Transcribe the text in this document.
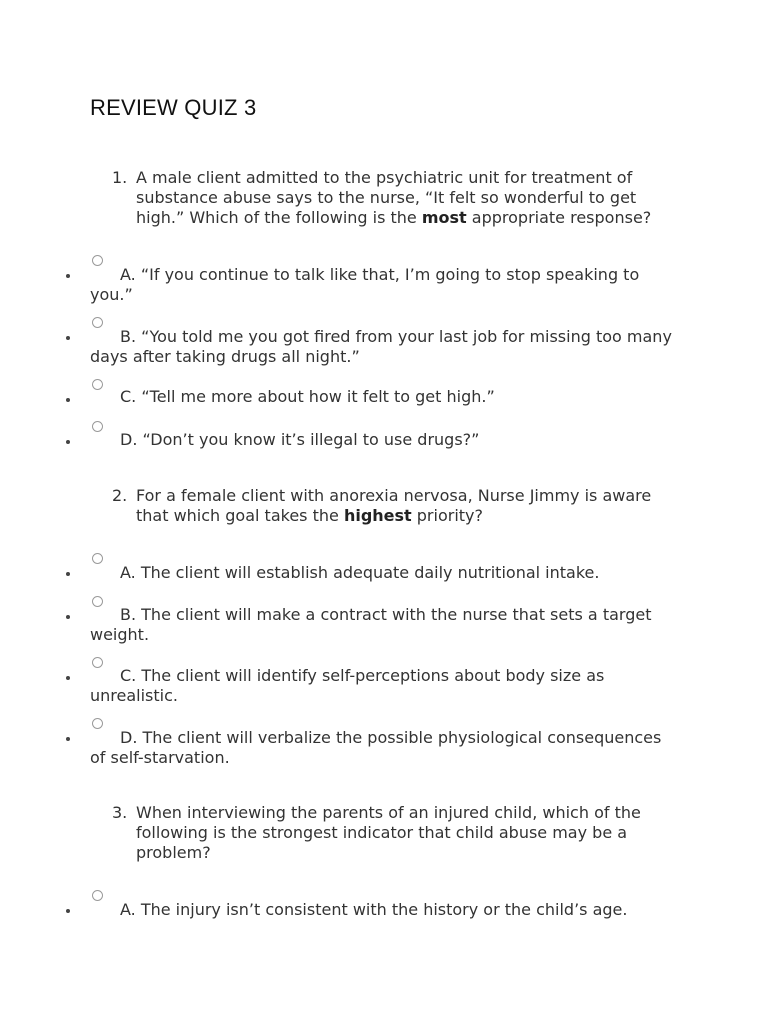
REVIEW QUIZ 3
1. A male client admitted to the psychiatric unit for treatment of substance abuse says to the nurse, “It felt so wonderful to get high.” Which of the following is the most appropriate response?
A. “If you continue to talk like that, I’m going to stop speaking to you.”
B. “You told me you got fired from your last job for missing too many days after taking drugs all night.”
C. “Tell me more about how it felt to get high.”
D. “Don’t you know it’s illegal to use drugs?”
2. For a female client with anorexia nervosa, Nurse Jimmy is aware that which goal takes the highest priority?
A. The client will establish adequate daily nutritional intake.
B. The client will make a contract with the nurse that sets a target weight.
C. The client will identify self-perceptions about body size as unrealistic.
D. The client will verbalize the possible physiological consequences of self-starvation.
3. When interviewing the parents of an injured child, which of the following is the strongest indicator that child abuse may be a problem?
A. The injury isn’t consistent with the history or the child’s age.
